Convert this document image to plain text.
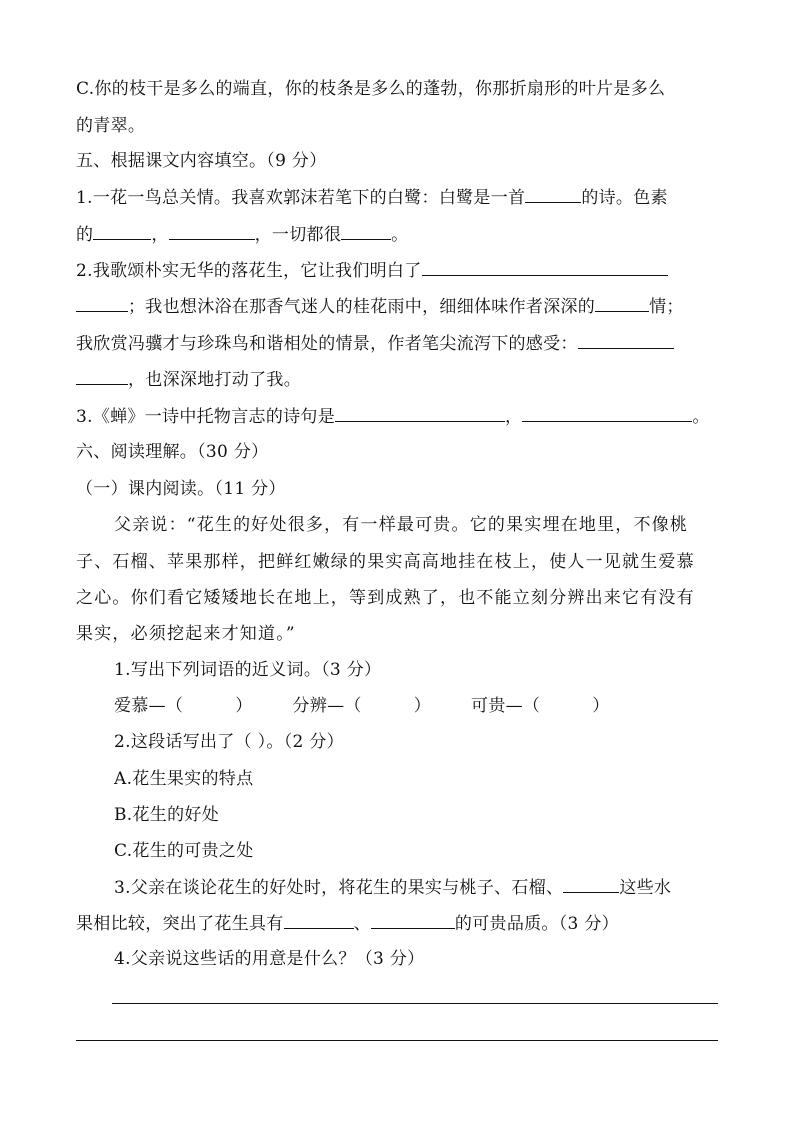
C.你的枝干是多么的端直，你的枝条是多么的蓬勃，你那折扇形的叶片是多么
的青翠。
五、根据课文内容填空。（9 分）
1.一花一鸟总关情。我喜欢郭沫若笔下的白鹭：白鹭是一首	的诗。色素
的	，	，一切都很	。
2.我歌颂朴实无华的落花生，它让我们明白了
；我也想沐浴在那香气迷人的桂花雨中，细细体味作者深深的	情；
我欣赏冯骥才与珍珠鸟和谐相处的情景，作者笔尖流泻下的感受：
，也深深地打动了我。
3.《蝉》一诗中托物言志的诗句是	，	。
六、阅读理解。（30 分）
（一）课内阅读。（11 分）
父亲说：“花生的好处很多，有一样最可贵。它的果实埋在地里，不像桃
子、石榴、苹果那样，把鲜红嫩绿的果实高高地挂在枝上，使人一见就生爱慕
之心。你们看它矮矮地长在地上，等到成熟了，也不能立刻分辨出来它有没有
果实，必须挖起来才知道。”
1.写出下列词语的近义词。（3 分）
爱慕—（	） 分辨—（	） 可贵—（	）
2.这段话写出了（ ）。（2 分）
A.花生果实的特点
B.花生的好处
C.花生的可贵之处
3.父亲在谈论花生的好处时，将花生的果实与桃子、石榴、	这些水
果相比较，突出了花生具有	、	的可贵品质。（3 分）
4.父亲说这些话的用意是什么？（3 分）
